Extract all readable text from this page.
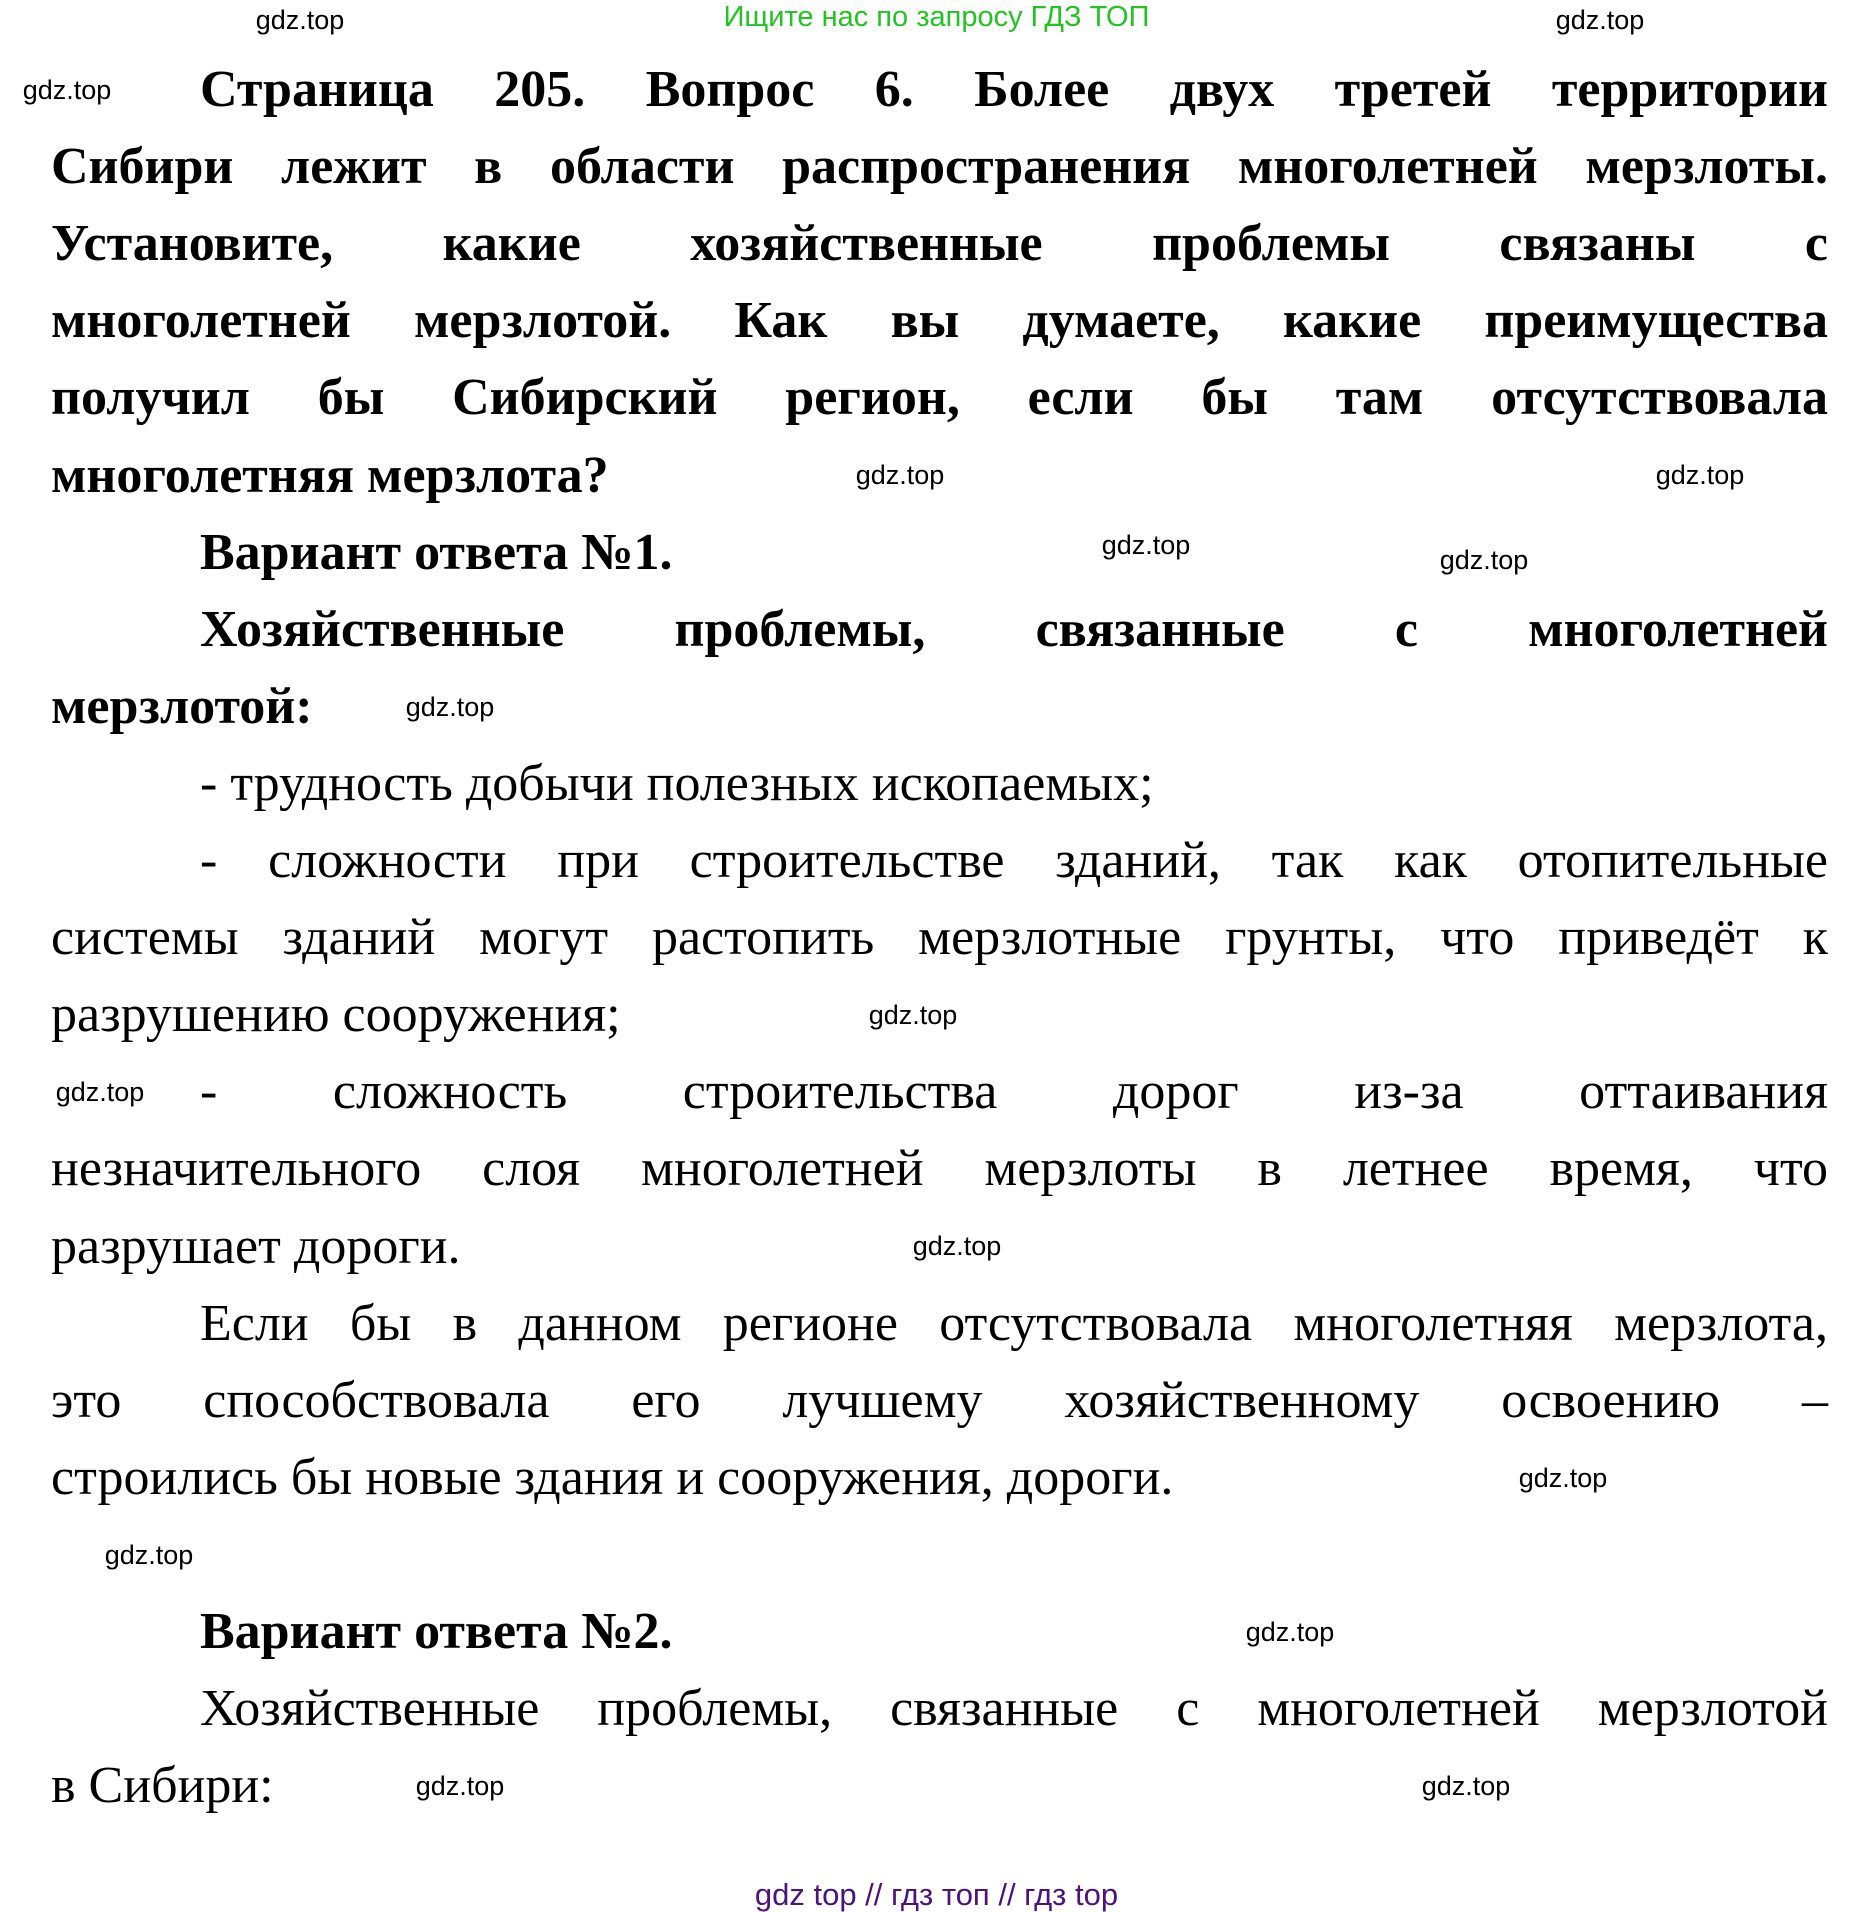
Ищите нас по запросу ГДЗ ТОП
Страница 205. Вопрос 6. Более двух третей территории
Сибири лежит в области распространения многолетней мерзлоты.
Установите, какие хозяйственные проблемы связаны с
многолетней мерзлотой. Как вы думаете, какие преимущества
получил бы Сибирский регион, если бы там отсутствовала
многолетняя мерзлота?
Вариант ответа №1.
Хозяйственные проблемы, связанные с многолетней
мерзлотой:
- трудность добычи полезных ископаемых;
- сложности при строительстве зданий, так как отопительные
системы зданий могут растопить мерзлотные грунты, что приведёт к
разрушению сооружения;
- сложность строительства дорог из-за оттаивания
незначительного слоя многолетней мерзлоты в летнее время, что
разрушает дороги.
Если бы в данном регионе отсутствовала многолетняя мерзлота,
это способствовала его лучшему хозяйственному освоению –
строились бы новые здания и сооружения, дороги.
Вариант ответа №2.
Хозяйственные проблемы, связанные с многолетней мерзлотой
в Сибири:
gdz.top
gdz.top
gdz.top
gdz.top
gdz.top
gdz.top	gdz.top
gdz.top
gdz.top
gdz.top
gdz.top
gdz.top
gdz.top
gdz.top
gdz.top	gdz.top
gdz top // гдз топ // гдз top
